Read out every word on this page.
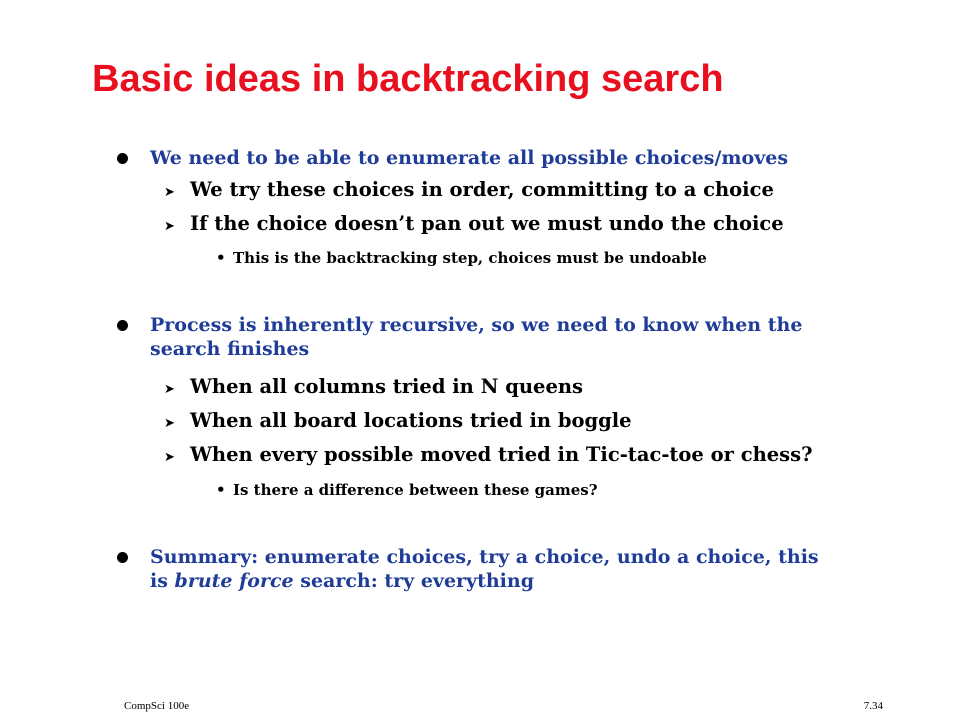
Basic ideas in backtracking search
We need to be able to enumerate all possible choices/moves
➤ We try these choices in order, committing to a choice
➤ If the choice doesn’t pan out we must undo the choice
• This is the backtracking step, choices must be undoable
Process is inherently recursive, so we need to know when the
search finishes
➤ When all columns tried in N queens
➤ When all board locations tried in boggle
➤ When every possible moved tried in Tic-tac-toe or chess?
• Is there a difference between these games?
Summary: enumerate choices, try a choice, undo a choice, this
is brute force search: try everything
CompSci 100e	7.34
